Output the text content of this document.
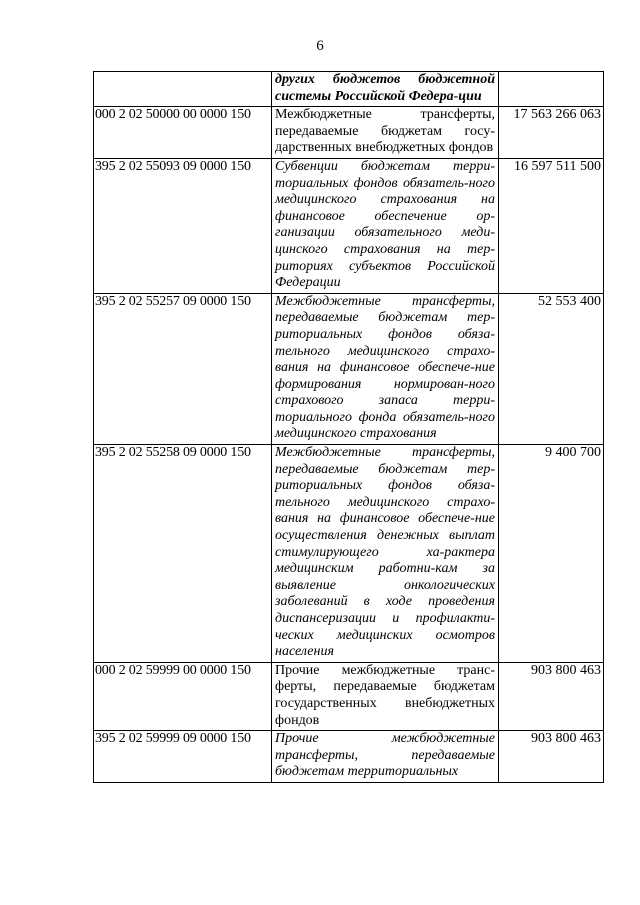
6
	других бюджетов бюджетной системы Российской Федера-ции	
000 2 02 50000 00 0000 150	Межбюджетные трансферты, передаваемые бюджетам госу-дарственных внебюджетных фондов	17 563 266 063
395 2 02 55093 09 0000 150	Субвенции бюджетам терри-ториальных фондов обязатель-ного медицинского страхования на финансовое обеспечение ор-ганизации обязательного меди-цинского страхования на тер-риториях субъектов Российской Федерации	16 597 511 500
395 2 02 55257 09 0000 150	Межбюджетные трансферты, передаваемые бюджетам тер-риториальных фондов обяза-тельного медицинского страхо-вания на финансовое обеспече-ние формирования нормирован-ного страхового запаса терри-ториального фонда обязатель-ного медицинского страхования	52 553 400
395 2 02 55258 09 0000 150	Межбюджетные трансферты, передаваемые бюджетам тер-риториальных фондов обяза-тельного медицинского страхо-вания на финансовое обеспече-ние осуществления денежных выплат стимулирующего ха-рактера медицинским работни-кам за выявление онкологических заболеваний в ходе проведения диспансеризации и профилакти-ческих медицинских осмотров населения	9 400 700
000 2 02 59999 00 0000 150	Прочие межбюджетные транс-ферты, передаваемые бюджетам государственных внебюджетных фондов	903 800 463
395 2 02 59999 09 0000 150	Прочие межбюджетные трансферты, передаваемые бюджетам территориальных	903 800 463
